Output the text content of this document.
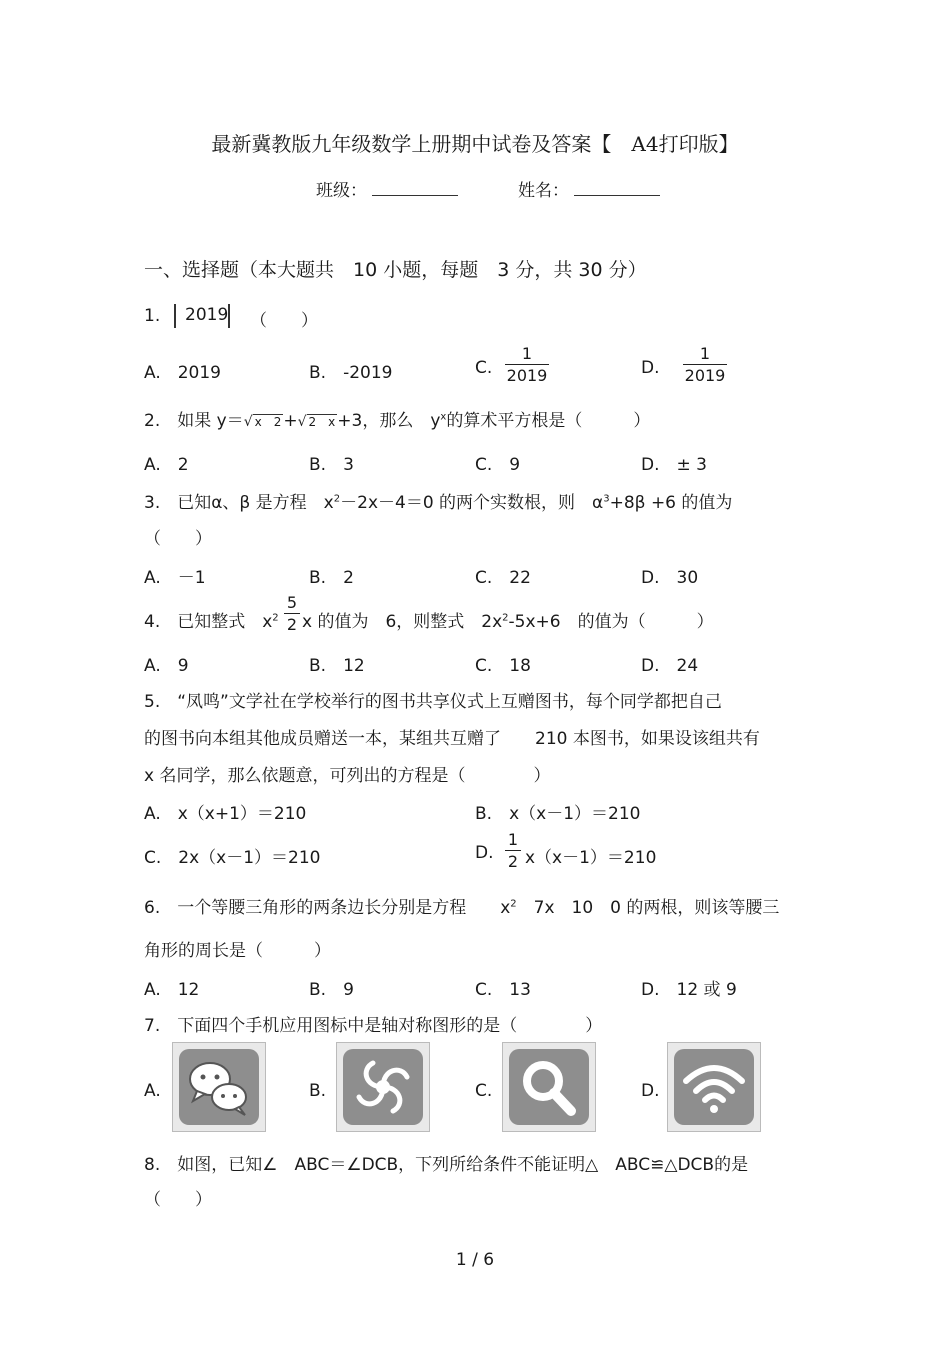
最新冀教版九年级数学上册期中试卷及答案【　A4打印版】
班级：	姓名：
一、选择题（本大题共　10 小题，每题　3 分，共 30 分）
1. 2019 （　　）
A.　 2019	B.　 -2019	C.
1
2019	D.
1
2019
2.　如果 y＝√ x　2 +√ 2　x +3，那么　$y^x$的算术平方根是（　　　）
A.　 2	B.　 3	C.　 9	D.　 ± 3
3.　已知α、β 是方程　$x^2-2x-4=0$ 的两个实数根，则　$\alpha^3+8\beta +6$ 的值为
（　　）
A.　 －1	B.　 2	C.　 22	D.　 30
4.　已知整式　$x^2$
5
2 x 的值为　6，则整式　$2x^2-5x+6$　的值为（　　　）
A.　 9	B.　 12	C.　 18	D.　 24
5.　“凤鸣”文学社在学校举行的图书共享仪式上互赠图书，每个同学都把自己
的图书向本组其他成员赠送一本，某组共互赠了　　210 本图书，如果设该组共有
x 名同学，那么依题意，可列出的方程是（　　　　）
A.　 x（x+1）＝210	B.　 x（x－1）＝210
C.　 2x（x－1）＝210	D.
1
2 x（x－1）＝210
6.　一个等腰三角形的两条边长分别是方程　　$x^2$　7x　10　0 的两根，则该等腰三
角形的周长是（　　　）
A.　 12	B.　 9	C.　 13	D.　 12 或 9
7.　下面四个手机应用图标中是轴对称图形的是（　　　　）
A.	B.	C.	D.
8.　如图，已知∠　ABC＝∠DCB，下列所给条件不能证明△　ABC≌△DCB的是
（　　）
1 / 6
